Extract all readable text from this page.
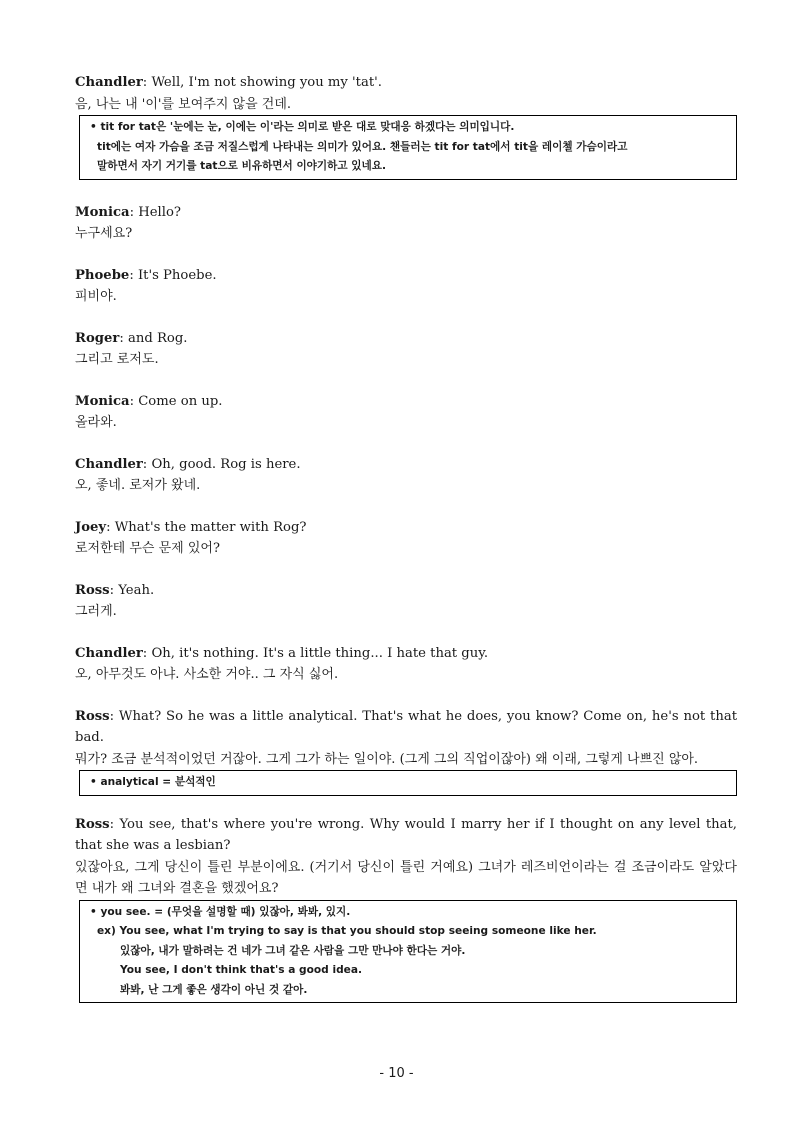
Chandler: Well, I'm not showing you my 'tat'.
음, 나는 내 '이'를 보여주지 않을 건데.
• tit for tat은 '눈에는 눈, 이에는 이'라는 의미로 받은 대로 맞대응 하겠다는 의미입니다.
tit에는 여자 가슴을 조금 저질스럽게 나타내는 의미가 있어요. 챈들러는 tit for tat에서 tit을 레이첼 가슴이라고
말하면서 자기 거기를 tat으로 비유하면서 이야기하고 있네요.
Monica: Hello?
누구세요?
Phoebe: It's Phoebe.
피비야.
Roger: and Rog.
그리고 로저도.
Monica: Come on up.
올라와.
Chandler: Oh, good. Rog is here.
오, 좋네. 로저가 왔네.
Joey: What's the matter with Rog?
로저한테 무슨 문제 있어?
Ross: Yeah.
그러게.
Chandler: Oh, it's nothing. It's a little thing... I hate that guy.
오, 아무것도 아냐. 사소한 거야.. 그 자식 싫어.
Ross: What? So he was a little analytical. That's what he does, you know? Come on, he's not that bad.
뭐가? 조금 분석적이었던 거잖아. 그게 그가 하는 일이야. (그게 그의 직업이잖아) 왜 이래, 그렇게 나쁘진 않아.
• analytical = 분석적인
Ross: You see, that's where you're wrong. Why would I marry her if I thought on any level that, that she was a lesbian?
있잖아요, 그게 당신이 틀린 부분이에요. (거기서 당신이 틀린 거예요) 그녀가 레즈비언이라는 걸 조금이라도 알았다면 내가 왜 그녀와 결혼을 했겠어요?
• you see. = (무엇을 설명할 때) 있잖아, 봐봐, 있지.
ex) You see, what I'm trying to say is that you should stop seeing someone like her.
있잖아, 내가 말하려는 건 네가 그녀 같은 사람을 그만 만나야 한다는 거야.
You see, I don't think that's a good idea.
봐봐, 난 그게 좋은 생각이 아닌 것 같아.
- 10 -
